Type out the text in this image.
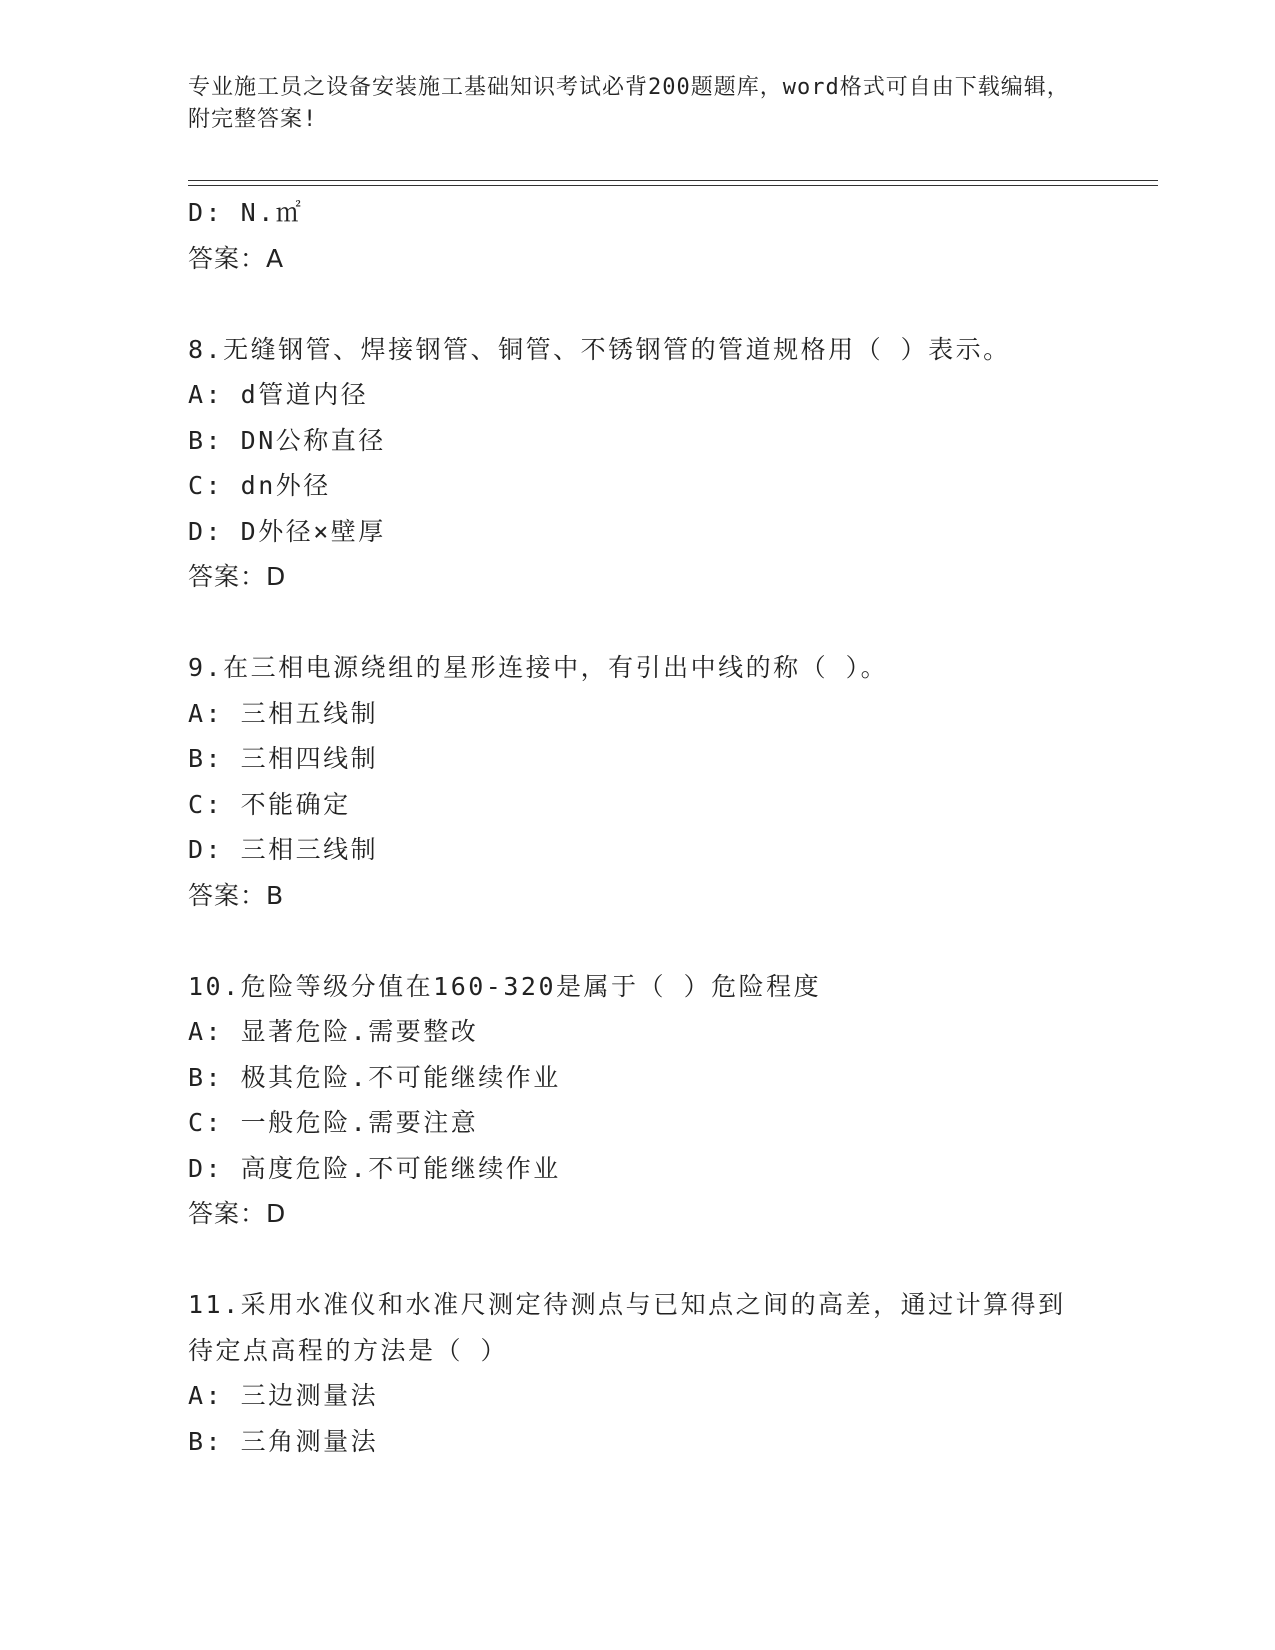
专业施工员之设备安装施工基础知识考试必背200题题库，word格式可自由下载编辑，附完整答案!
D: N.㎡
答案：A
8.无缝钢管、焊接钢管、铜管、不锈钢管的管道规格用（ ）表示。
A: d管道内径
B: DN公称直径
C: dn外径
D: D外径×壁厚
答案：D
9.在三相电源绕组的星形连接中，有引出中线的称（ ）。
A: 三相五线制
B: 三相四线制
C: 不能确定
D: 三相三线制
答案：B
10.危险等级分值在160-320是属于（ ）危险程度
A: 显著危险.需要整改
B: 极其危险.不可能继续作业
C: 一般危险.需要注意
D: 高度危险.不可能继续作业
答案：D
11.采用水准仪和水准尺测定待测点与已知点之间的高差，通过计算得到待定点高程的方法是（ ）
A: 三边测量法
B: 三角测量法
